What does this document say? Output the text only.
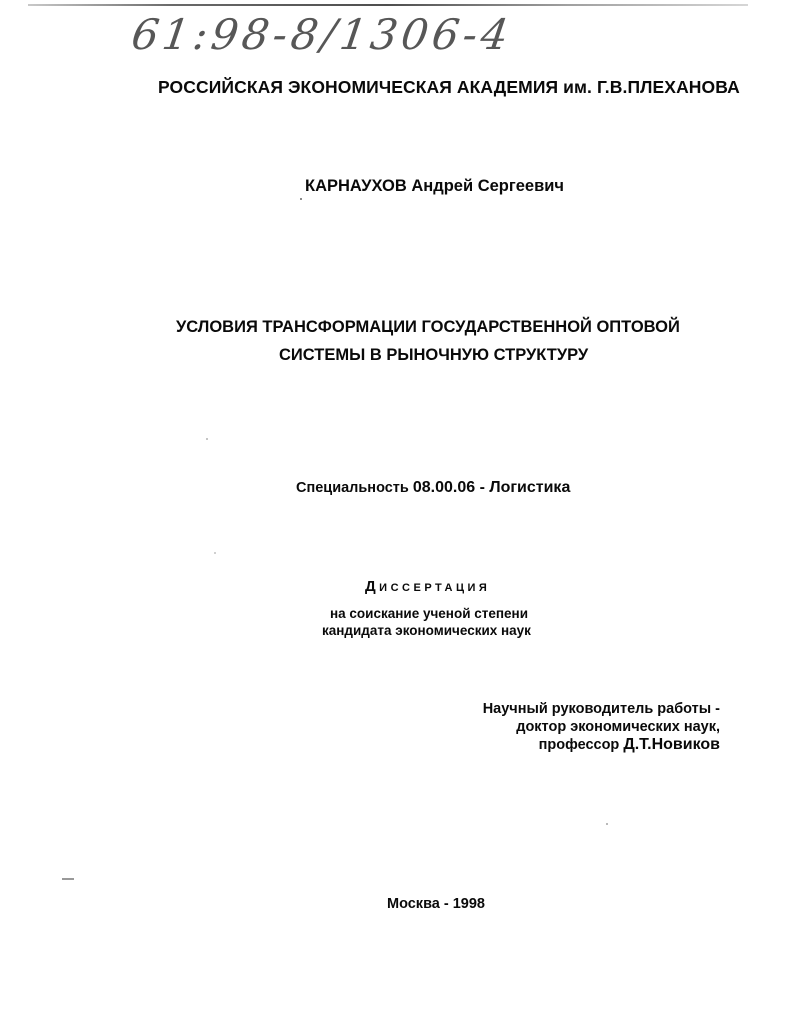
61:98-8/1306-4
РОССИЙСКАЯ ЭКОНОМИЧЕСКАЯ АКАДЕМИЯ им. Г.В.ПЛЕХАНОВА
КАРНАУХОВ Андрей Сергеевич
УСЛОВИЯ ТРАНСФОРМАЦИИ ГОСУДАРСТВЕННОЙ ОПТОВОЙ
СИСТЕМЫ В РЫНОЧНУЮ СТРУКТУРУ
Специальность 08.00.06 - Логистика
Диссертация
на соискание ученой степени
кандидата экономических наук
Научный руководитель работы -
доктор экономических наук,
профессор Д.Т.Новиков
Москва - 1998
